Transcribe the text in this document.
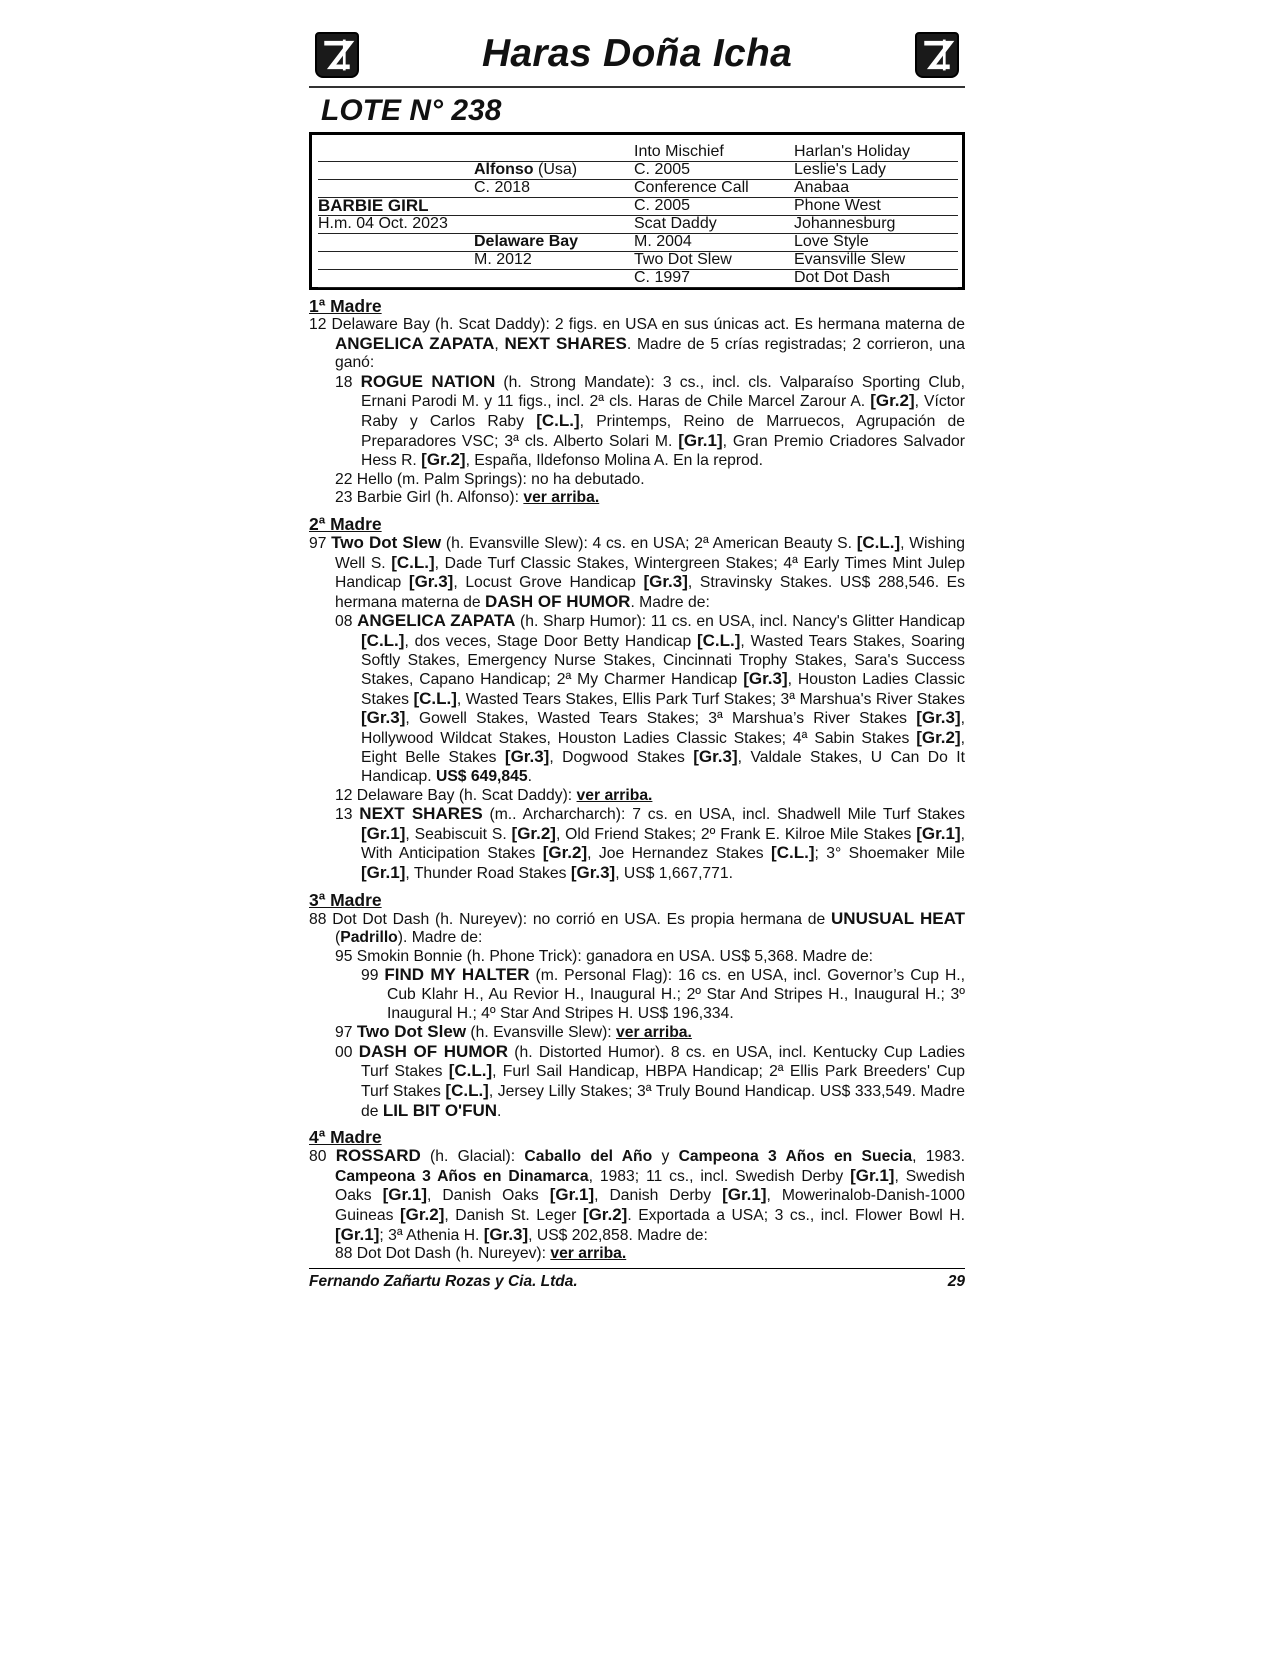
Haras Doña Icha
LOTE N° 238
BARBIE GIRL
H.m. 04 Oct. 2023
Alfonso (Usa)
C. 2018
Delaware Bay
M. 2012
Into Mischief
C. 2005
Conference Call
C. 2005
Scat Daddy
M. 2004
Two Dot Slew
C. 1997
Harlan's Holiday
Leslie's Lady
Anabaa
Phone West
Johannesburg
Love Style
Evansville Slew
Dot Dot Dash
1ª Madre
12 Delaware Bay (h. Scat Daddy): 2 figs. en USA en sus únicas act. Es hermana materna de ANGELICA ZAPATA, NEXT SHARES. Madre de 5 crías registradas; 2 corrieron, una ganó:
18 ROGUE NATION (h. Strong Mandate): 3 cs., incl. cls. Valparaíso Sporting Club, Ernani Parodi M. y 11 figs., incl. 2ª cls. Haras de Chile Marcel Zarour A. [Gr.2], Víctor Raby y Carlos Raby [C.L.], Printemps, Reino de Marruecos, Agrupación de Preparadores VSC; 3ª cls. Alberto Solari M. [Gr.1], Gran Premio Criadores Salvador Hess R. [Gr.2], España, Ildefonso Molina A. En la reprod.
22 Hello (m. Palm Springs): no ha debutado.
23 Barbie Girl (h. Alfonso): ver arriba.
2ª Madre
97 Two Dot Slew (h. Evansville Slew): 4 cs. en USA; 2ª American Beauty S. [C.L.], Wishing Well S. [C.L.], Dade Turf Classic Stakes, Wintergreen Stakes; 4ª Early Times Mint Julep Handicap [Gr.3], Locust Grove Handicap [Gr.3], Stravinsky Stakes. US$ 288,546. Es hermana materna de DASH OF HUMOR. Madre de:
08 ANGELICA ZAPATA (h. Sharp Humor): 11 cs. en USA, incl. Nancy's Glitter Handicap [C.L.], dos veces, Stage Door Betty Handicap [C.L.], Wasted Tears Stakes, Soaring Softly Stakes, Emergency Nurse Stakes, Cincinnati Trophy Stakes, Sara's Success Stakes, Capano Handicap; 2ª My Charmer Handicap [Gr.3], Houston Ladies Classic Stakes [C.L.], Wasted Tears Stakes, Ellis Park Turf Stakes; 3ª Marshua's River Stakes [Gr.3], Gowell Stakes, Wasted Tears Stakes; 3ª Marshua’s River Stakes [Gr.3], Hollywood Wildcat Stakes, Houston Ladies Classic Stakes; 4ª Sabin Stakes [Gr.2], Eight Belle Stakes [Gr.3], Dogwood Stakes [Gr.3], Valdale Stakes, U Can Do It Handicap. US$ 649,845.
12 Delaware Bay (h. Scat Daddy): ver arriba.
13 NEXT SHARES (m.. Archarcharch): 7 cs. en USA, incl. Shadwell Mile Turf Stakes [Gr.1], Seabiscuit S. [Gr.2], Old Friend Stakes; 2º Frank E. Kilroe Mile Stakes [Gr.1], With Anticipation Stakes [Gr.2], Joe Hernandez Stakes [C.L.]; 3° Shoemaker Mile [Gr.1], Thunder Road Stakes [Gr.3], US$ 1,667,771.
3ª Madre
88 Dot Dot Dash (h. Nureyev): no corrió en USA. Es propia hermana de UNUSUAL HEAT (Padrillo). Madre de:
95 Smokin Bonnie (h. Phone Trick): ganadora en USA. US$ 5,368. Madre de:
99 FIND MY HALTER (m. Personal Flag): 16 cs. en USA, incl. Governor’s Cup H., Cub Klahr H., Au Revior H., Inaugural H.; 2º Star And Stripes H., Inaugural H.; 3º Inaugural H.; 4º Star And Stripes H. US$ 196,334.
97 Two Dot Slew (h. Evansville Slew): ver arriba.
00 DASH OF HUMOR (h. Distorted Humor). 8 cs. en USA, incl. Kentucky Cup Ladies Turf Stakes [C.L.], Furl Sail Handicap, HBPA Handicap; 2ª Ellis Park Breeders' Cup Turf Stakes [C.L.], Jersey Lilly Stakes; 3ª Truly Bound Handicap. US$ 333,549. Madre de LIL BIT O'FUN.
4ª Madre
80 ROSSARD (h. Glacial): Caballo del Año y Campeona 3 Años en Suecia, 1983. Campeona 3 Años en Dinamarca, 1983; 11 cs., incl. Swedish Derby [Gr.1], Swedish Oaks [Gr.1], Danish Oaks [Gr.1], Danish Derby [Gr.1], Mowerinalob-Danish-1000 Guineas [Gr.2], Danish St. Leger [Gr.2]. Exportada a USA; 3 cs., incl. Flower Bowl H. [Gr.1]; 3ª Athenia H. [Gr.3], US$ 202,858. Madre de:
88 Dot Dot Dash (h. Nureyev): ver arriba.
Fernando Zañartu Rozas y Cia. Ltda.	29
